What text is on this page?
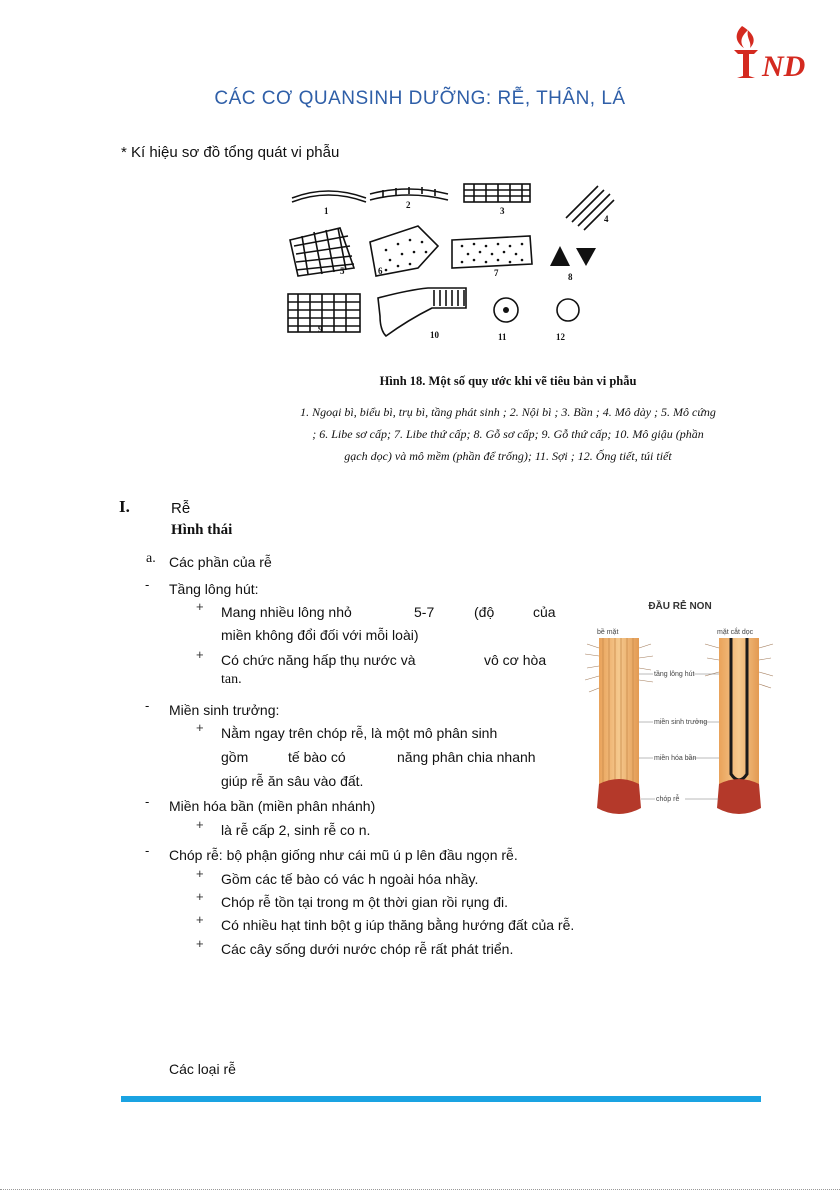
ND
CÁC CƠ QUANSINH DƯỠNG: RỄ, THÂN, LÁ
* Kí hiệu sơ đồ tổng quát vi phẫu
1
2
3
4
5	6	7	8
9
10	11	12
Hình 18. Một số quy ước khi vẽ tiêu bản vi phẫu
1. Ngoại bì, biểu bì, trụ bì, tầng phát sinh ; 2. Nội bì ; 3. Bần ; 4. Mô dày ; 5. Mô cứng
; 6. Libe sơ cấp; 7. Libe thứ cấp; 8. Gỗ sơ cấp; 9. Gỗ thứ cấp; 10. Mô giậu (phần
gạch dọc) và mô mềm (phần để trống); 11. Sợi ; 12. Ống tiết, túi tiết
I.	Rễ
Hình thái
a. Các phần của rễ
- Tầng lông hút:
+ Mang nhiều lông nhỏ	5-7	(độ	của
miền không đổi đối với mỗi loài)
+ Có chức năng hấp thụ nước và	vô cơ hòa
tan.
- Miền sinh trưởng:
+ Nằm ngay trên chóp rễ, là một mô phân sinh
gồm	tế bào có	năng phân chia nhanh
giúp rễ ăn sâu vào đất.
- Miền hóa bần (miền phân nhánh)
+ là rễ cấp 2, sinh rễ co n.
- Chóp rễ: bộ phận giống như cái mũ ú p lên đầu ngọn rễ.
+ Gồm các tế bào có vác h ngoài hóa nhầy.
+ Chóp rễ tồn tại trong m ột thời gian rồi rụng đi.
+ Có nhiều hạt tinh bột g iúp thăng bằng hướng đất của rễ.
+ Các cây sống dưới nước chóp rễ rất phát triển.
Các loại rễ
ĐẦU RỄ NON
bề mặt	mặt cắt dọc
tầng lông hút
miền sinh trưởng
miền hóa bần
chóp rễ
